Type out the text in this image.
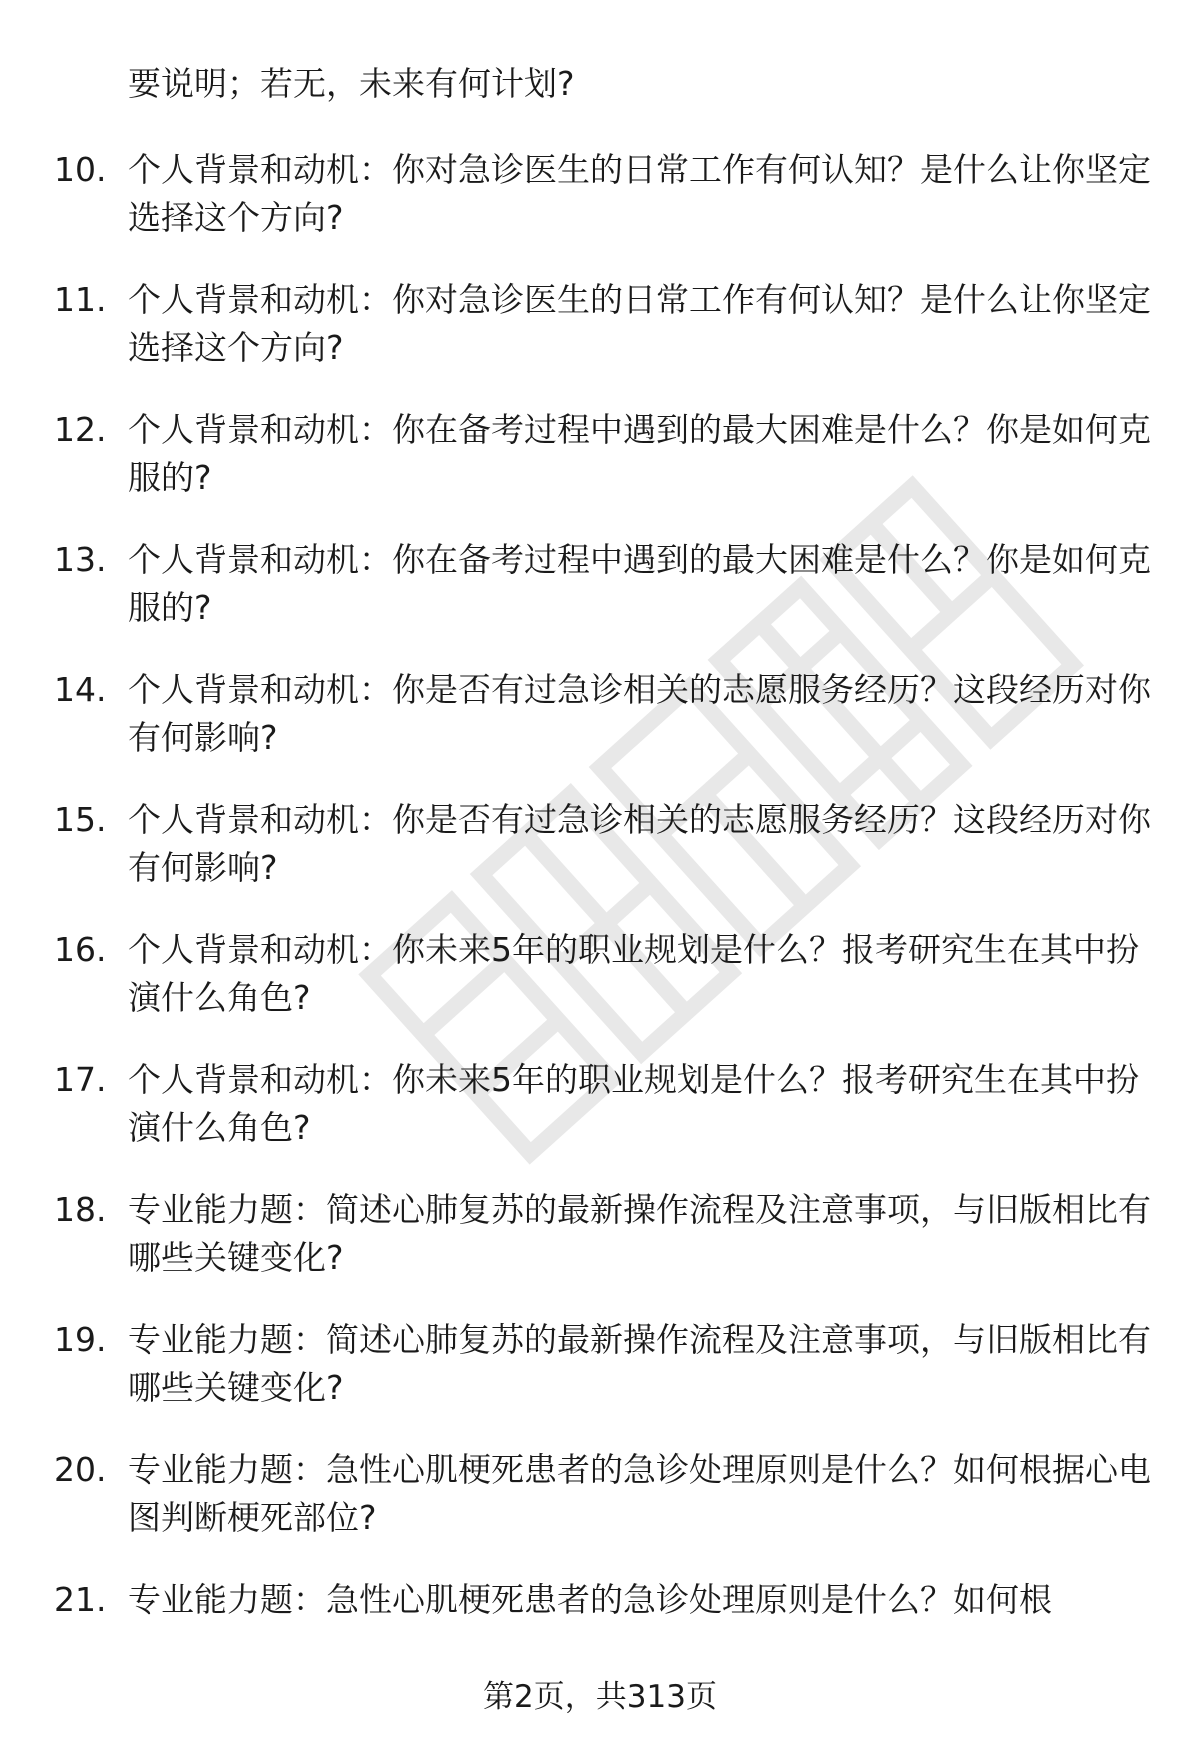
要说明；若无，未来有何计划?
10. 个人背景和动机：你对急诊医生的日常工作有何认知？是什么让你坚定选择这个方向?
11. 个人背景和动机：你对急诊医生的日常工作有何认知？是什么让你坚定选择这个方向?
12. 个人背景和动机：你在备考过程中遇到的最大困难是什么？你是如何克服的?
13. 个人背景和动机：你在备考过程中遇到的最大困难是什么？你是如何克服的?
14. 个人背景和动机：你是否有过急诊相关的志愿服务经历？这段经历对你有何影响?
15. 个人背景和动机：你是否有过急诊相关的志愿服务经历？这段经历对你有何影响?
16. 个人背景和动机：你未来5年的职业规划是什么？报考研究生在其中扮演什么角色?
17. 个人背景和动机：你未来5年的职业规划是什么？报考研究生在其中扮演什么角色?
18. 专业能力题：简述心肺复苏的最新操作流程及注意事项，与旧版相比有哪些关键变化?
19. 专业能力题：简述心肺复苏的最新操作流程及注意事项，与旧版相比有哪些关键变化?
20. 专业能力题：急性心肌梗死患者的急诊处理原则是什么？如何根据心电图判断梗死部位?
21. 专业能力题：急性心肌梗死患者的急诊处理原则是什么？如何根
第2页，共313页
